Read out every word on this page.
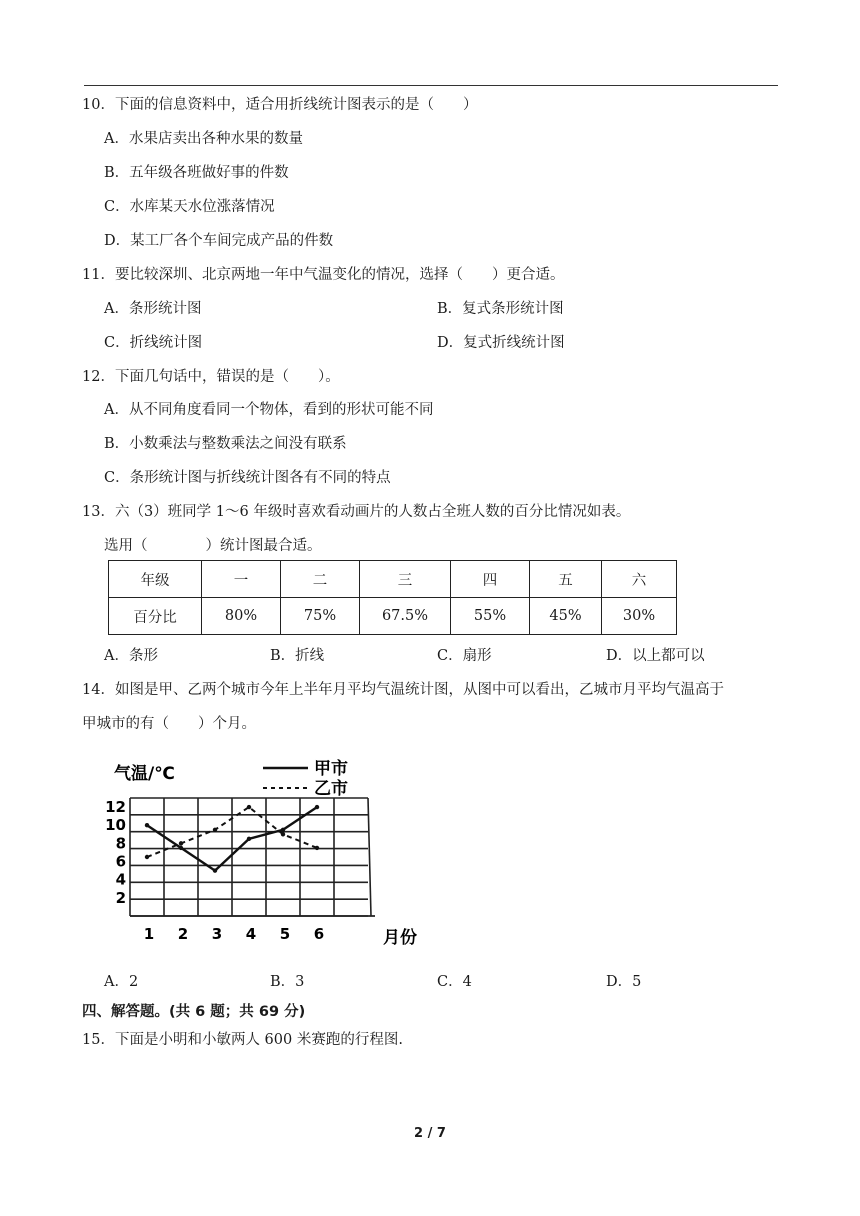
10．下面的信息资料中，适合用折线统计图表示的是（　　）
A．水果店卖出各种水果的数量
B．五年级各班做好事的件数
C．水库某天水位涨落情况
D．某工厂各个车间完成产品的件数
11．要比较深圳、北京两地一年中气温变化的情况，选择（　　）更合适。
A．条形统计图	B．复式条形统计图
C．折线统计图	D．复式折线统计图
12．下面几句话中，错误的是（　　）。
A．从不同角度看同一个物体，看到的形状可能不同
B．小数乘法与整数乘法之间没有联系
C．条形统计图与折线统计图各有不同的特点
13．六（3）班同学 1～6 年级时喜欢看动画片的人数占全班人数的百分比情况如表。
选用（　　　　）统计图最合适。
年级	一	二	三	四	五	六
百分比	80%	75%	67.5%	55%	45%	30%
A．条形	B．折线	C．扇形	D．以上都可以
14．如图是甲、乙两个城市今年上半年月平均气温统计图，从图中可以看出，乙城市月平均气温高于
甲城市的有（　　）个月。
气温/℃
月份
2
4
6
8
10
12
1 2 3 4 5 6
甲市
乙市
A．2	B．3	C．4	D．5
四、解答题。(共 6 题；共 69 分)
15．下面是小明和小敏两人 600 米赛跑的行程图.
2 / 7
